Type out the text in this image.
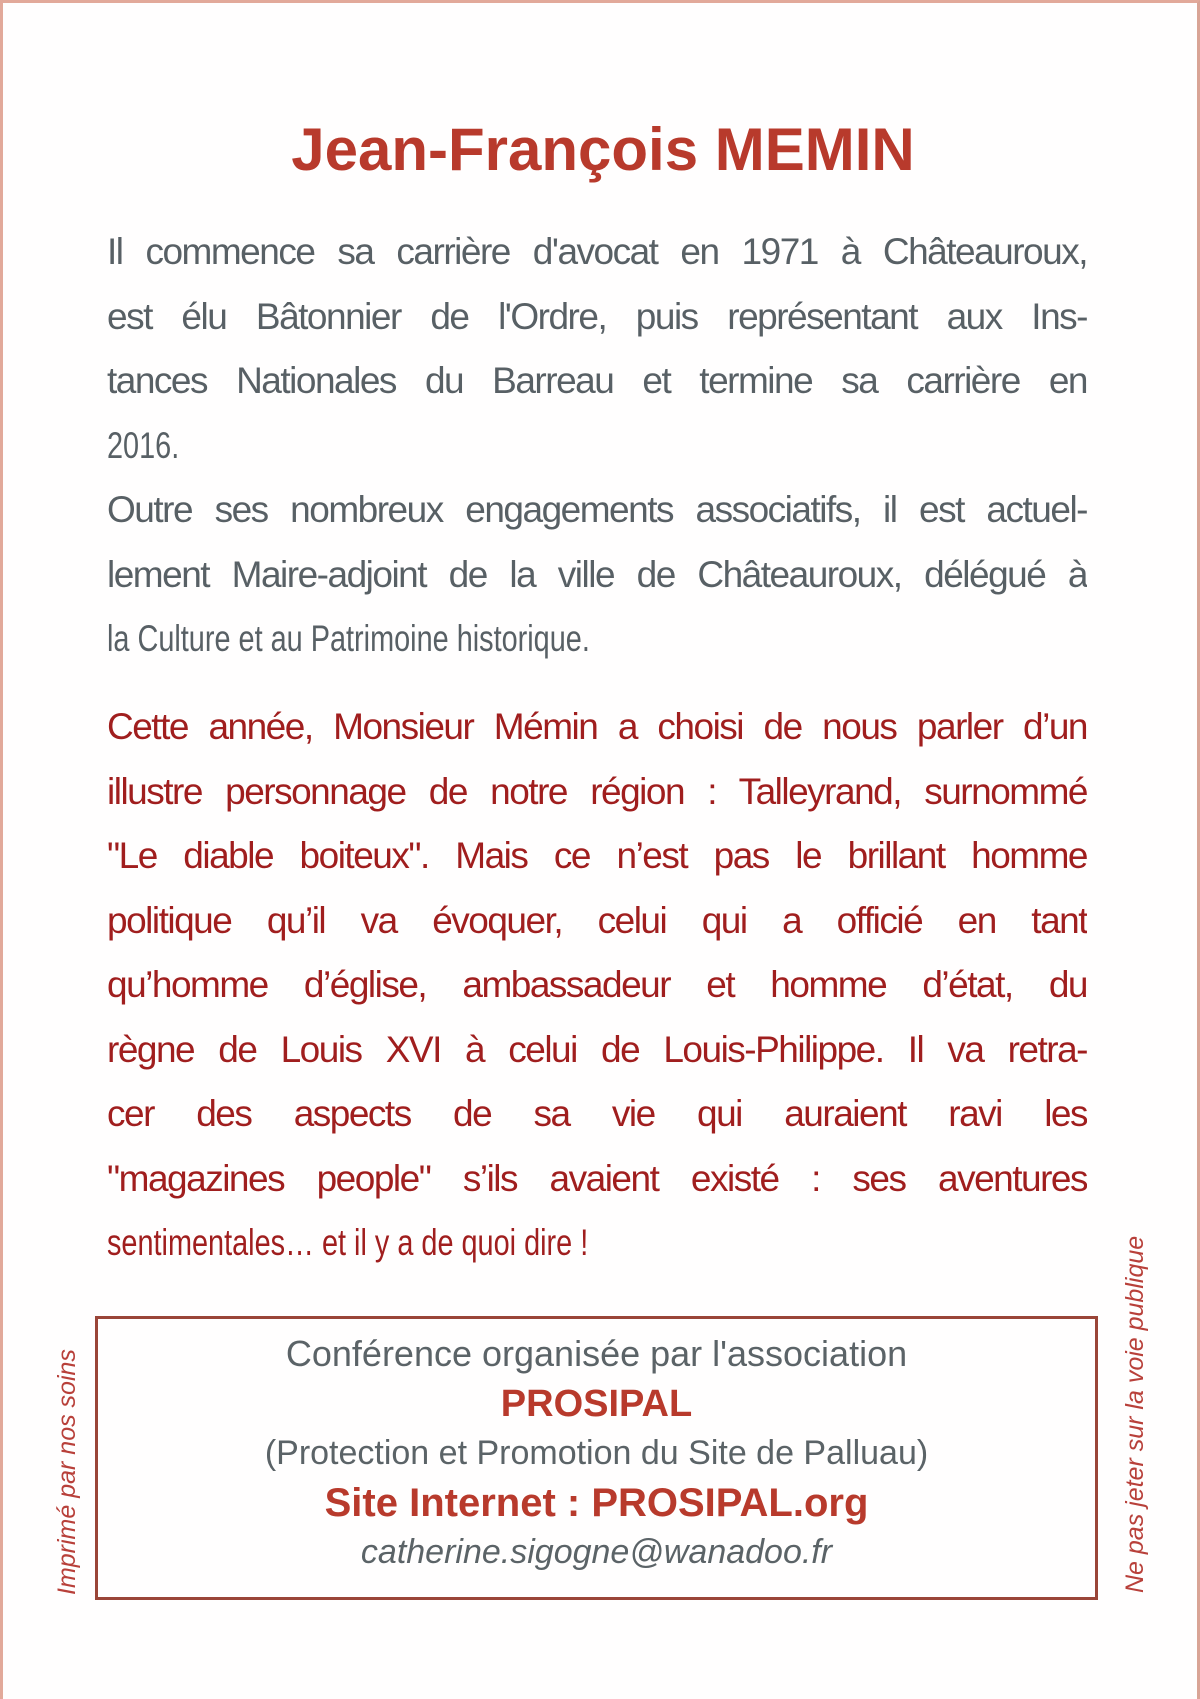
Jean-François MEMIN
Il commence sa carrière d'avocat en 1971 à Châteauroux,
est élu Bâtonnier de l'Ordre, puis représentant aux Ins-
tances Nationales du Barreau et termine sa carrière en
2016.
Outre ses nombreux engagements associatifs, il est actuel-
lement Maire-adjoint de la ville de Châteauroux, délégué à
la Culture et au Patrimoine historique.
Cette année, Monsieur Mémin a choisi de nous parler d’un
illustre personnage de notre région : Talleyrand, surnommé
"Le diable boiteux". Mais ce n’est pas le brillant homme
politique qu’il va évoquer, celui qui a officié en tant
qu’homme d’église, ambassadeur et homme d’état, du
règne de Louis XVI à celui de Louis-Philippe. Il va retra-
cer des aspects de sa vie qui auraient ravi les
"magazines people" s’ils avaient existé : ses aventures
sentimentales… et il y a de quoi dire !
Conférence organisée par l'association
PROSIPAL
(Protection et Promotion du Site de Palluau)
Site Internet : PROSIPAL.org
catherine.sigogne@wanadoo.fr
Imprimé par nos soins	Ne pas jeter sur la voie publique
